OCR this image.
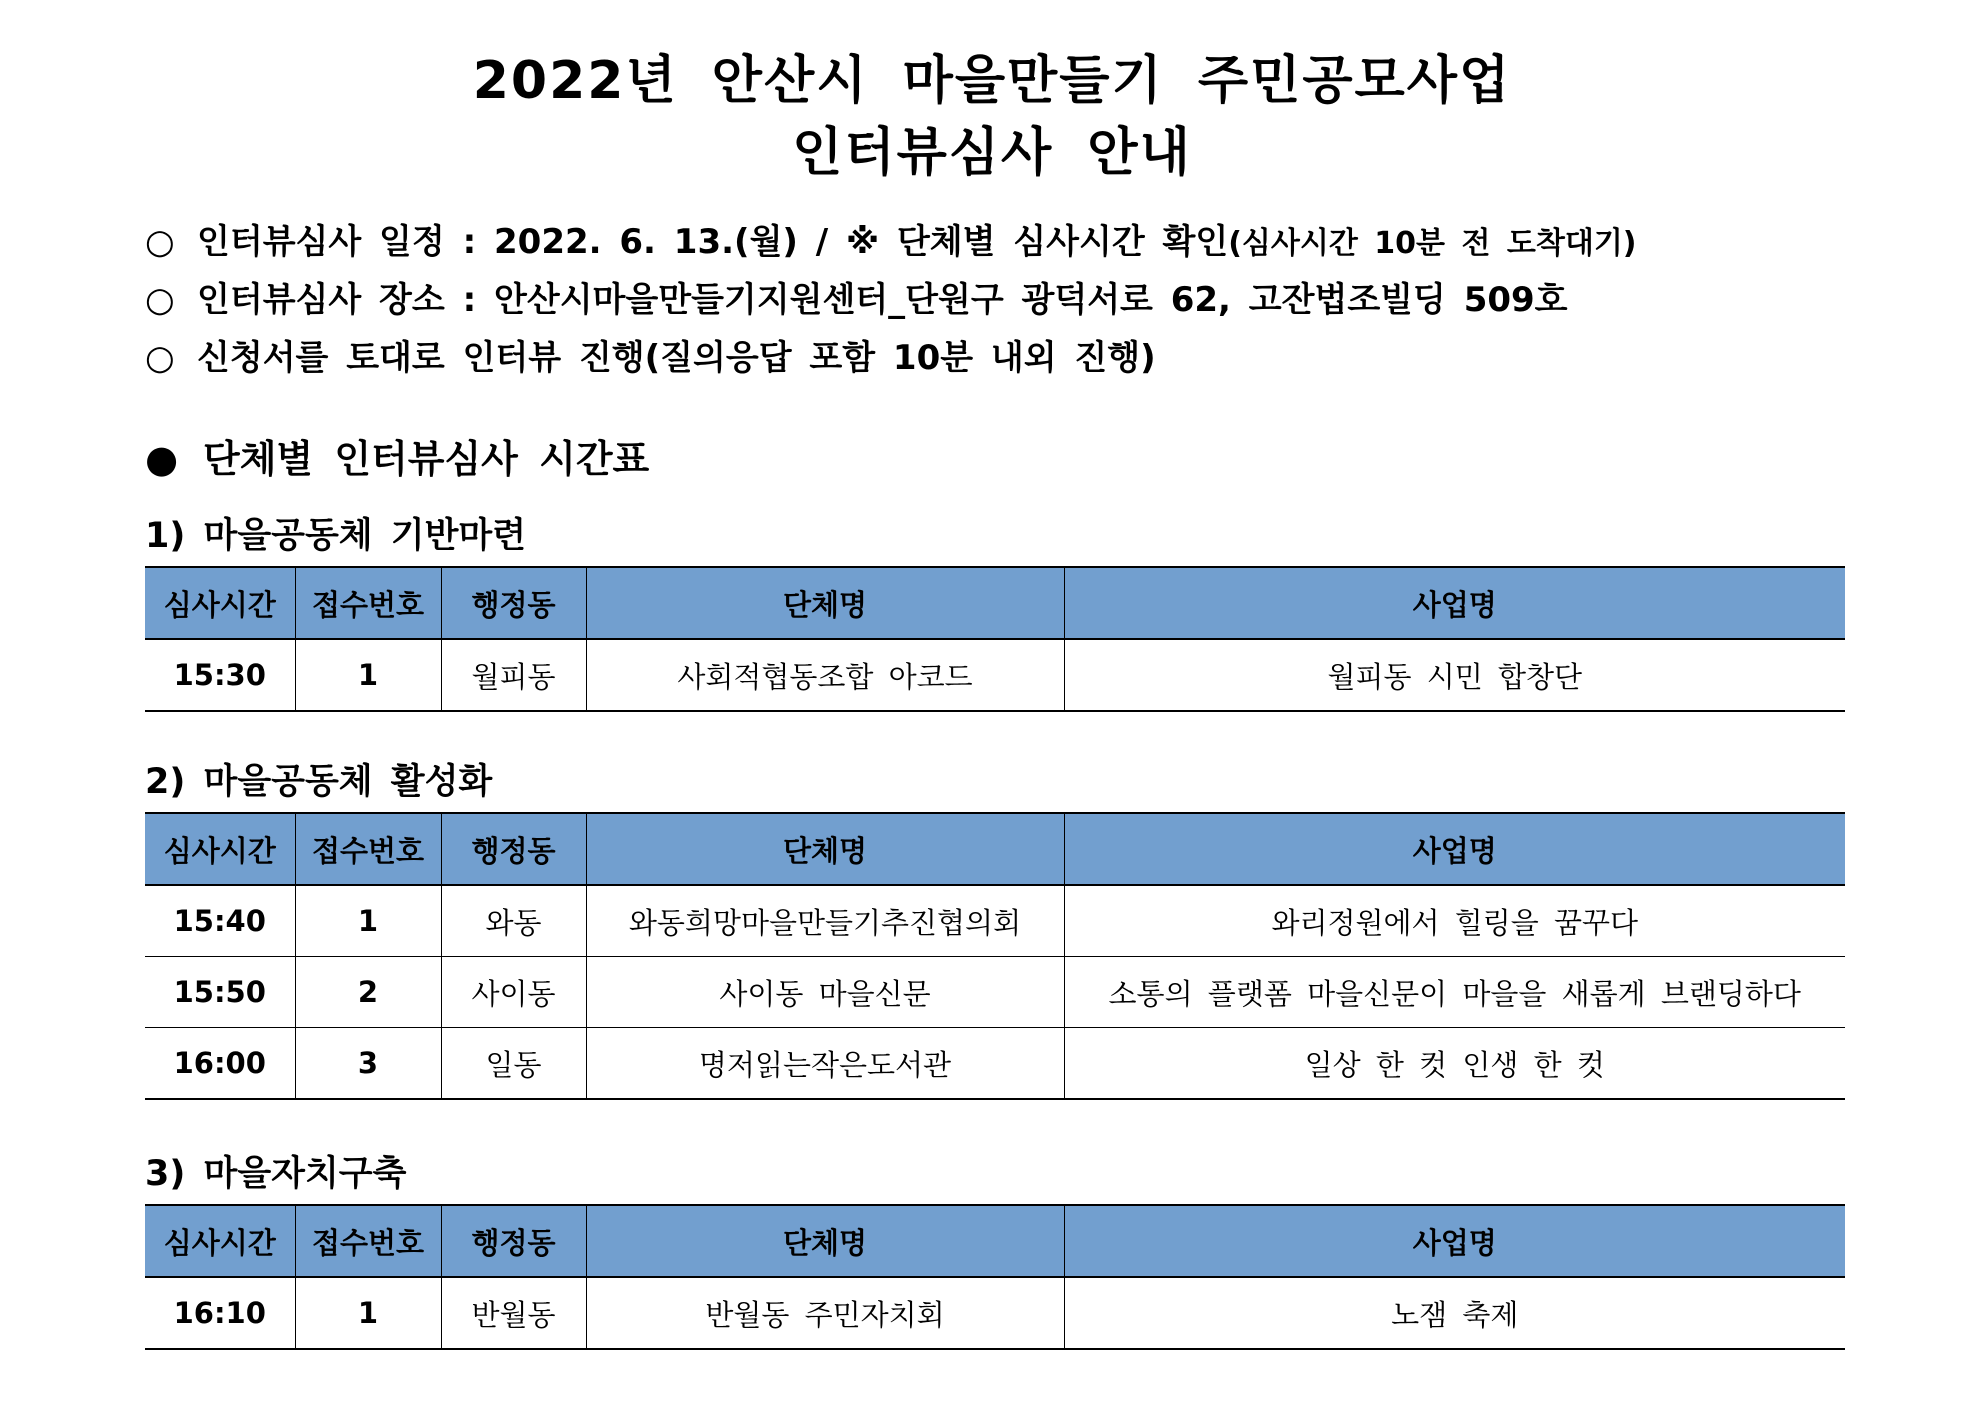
2022년 안산시 마을만들기 주민공모사업
인터뷰심사 안내
○ 인터뷰심사 일정 : 2022. 6. 13.(월) / ※ 단체별 심사시간 확인(심사시간 10분 전 도착대기)
○ 인터뷰심사 장소 : 안산시마을만들기지원센터_단원구 광덕서로 62, 고잔법조빌딩 509호
○ 신청서를 토대로 인터뷰 진행(질의응답 포함 10분 내외 진행)
● 단체별 인터뷰심사 시간표
1) 마을공동체 기반마련
심사시간	접수번호	행정동	단체명	사업명
15:30	1	월피동	사회적협동조합 아코드	월피동 시민 합창단
2) 마을공동체 활성화
심사시간	접수번호	행정동	단체명	사업명
15:40	1	와동	와동희망마을만들기추진협의회	와리정원에서 힐링을 꿈꾸다
15:50	2	사이동	사이동 마을신문	소통의 플랫폼 마을신문이 마을을 새롭게 브랜딩하다
16:00	3	일동	명저읽는작은도서관	일상 한 컷 인생 한 컷
3) 마을자치구축
심사시간	접수번호	행정동	단체명	사업명
16:10	1	반월동	반월동 주민자치회	노잼 축제
